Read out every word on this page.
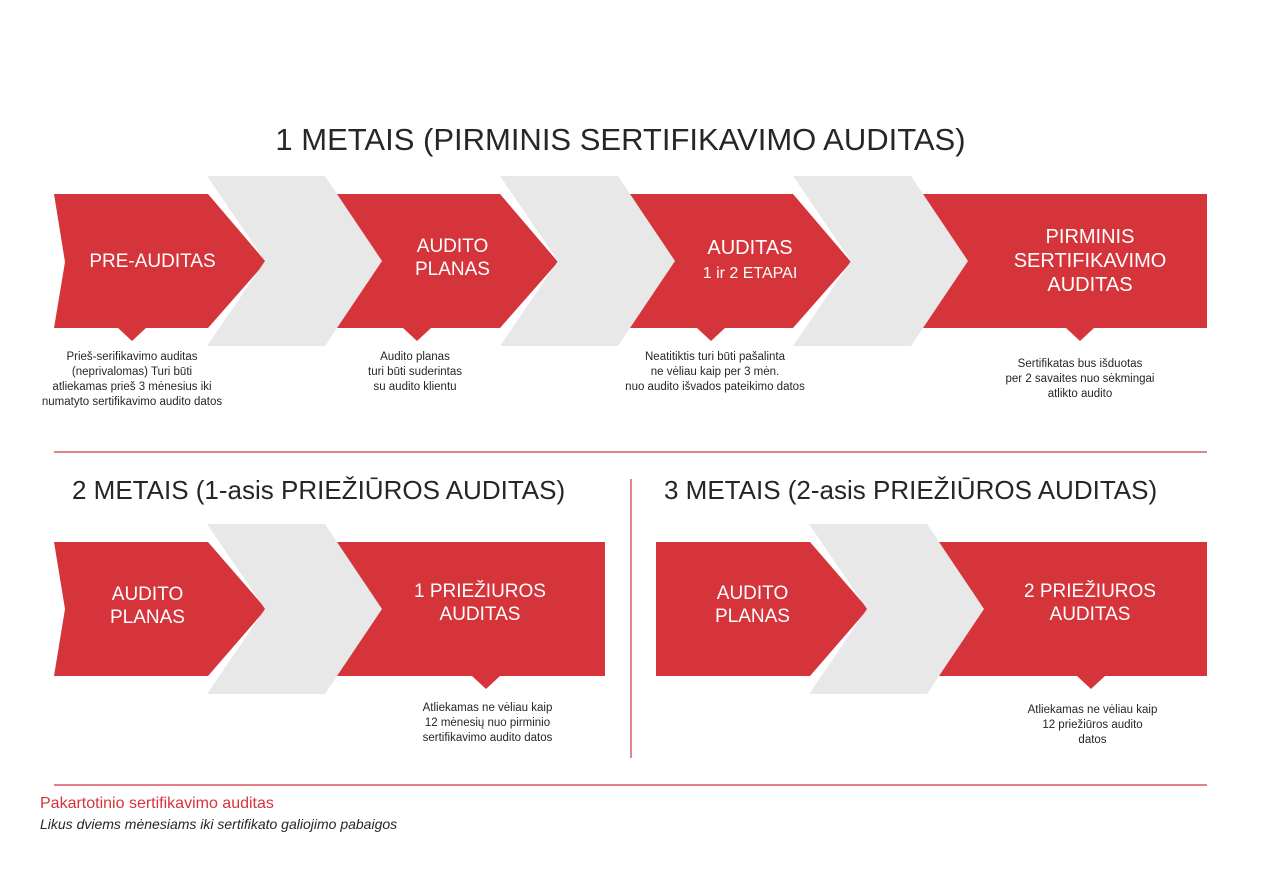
1 METAIS (PIRMINIS SERTIFIKAVIMO AUDITAS)
2 METAIS (1-asis PRIEŽIŪROS AUDITAS)	3 METAIS (2-asis PRIEŽIŪROS AUDITAS)
PRE-AUDITAS
AUDITO
PLANAS
AUDITAS
1 ir 2 ETAPAI
PIRMINIS
SERTIFIKAVIMO
AUDITAS
Prieš-serifikavimo auditas
(neprivalomas) Turi būti
atliekamas prieš 3 mėnesius iki
numatyto sertifikavimo audito datos
Audito planas
turi būti suderintas
su audito klientu
Neatitiktis turi būti pašalinta
ne vėliau kaip per 3 mėn.
nuo audito išvados pateikimo datos
Sertifikatas bus išduotas
per 2 savaites nuo sėkmingai
atlikto audito
AUDITO
PLANAS
1 PRIEŽIUROS
AUDITAS
Atliekamas ne vėliau kaip
12 mėnesių nuo pirminio
sertifikavimo audito datos
AUDITO
PLANAS
2 PRIEŽIUROS
AUDITAS
Atliekamas ne vėliau kaip
12 priežiūros audito
datos
Pakartotinio sertifikavimo auditas
Likus dviems mėnesiams iki sertifikato galiojimo pabaigos
